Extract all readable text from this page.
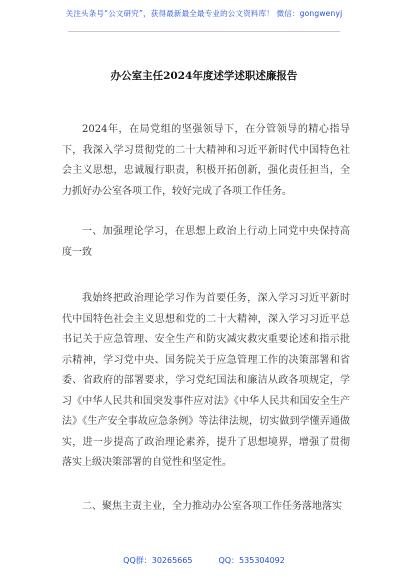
关注头条号“公文研究”，获得最新最全最专业的公文资料库！ 微信：gongwenyj
办公室主任2024年度述学述职述廉报告
2024年，在局党组的坚强领导下，在分管领导的精心指导下，我深入学习贯彻党的二十大精神和习近平新时代中国特色社会主义思想，忠诚履行职责，积极开拓创新，强化责任担当，全力抓好办公室各项工作，较好完成了各项工作任务。
一、加强理论学习，在思想上政治上行动上同党中央保持高度一致
我始终把政治理论学习作为首要任务，深入学习习近平新时代中国特色社会主义思想和党的二十大精神，深入学习习近平总书记关于应急管理、安全生产和防灾减灾救灾重要论述和指示批示精神，学习党中央、国务院关于应急管理工作的决策部署和省委、省政府的部署要求，学习党纪国法和廉洁从政各项规定，学习《中华人民共和国突发事件应对法》《中华人民共和国安全生产法》《生产安全事故应急条例》等法律法规，切实做到学懂弄通做实，进一步提高了政治理论素养，提升了思想境界，增强了贯彻落实上级决策部署的自觉性和坚定性。
二、聚焦主责主业，全力推动办公室各项工作任务落地落实
QQ群：30265665	QQ：535304092
